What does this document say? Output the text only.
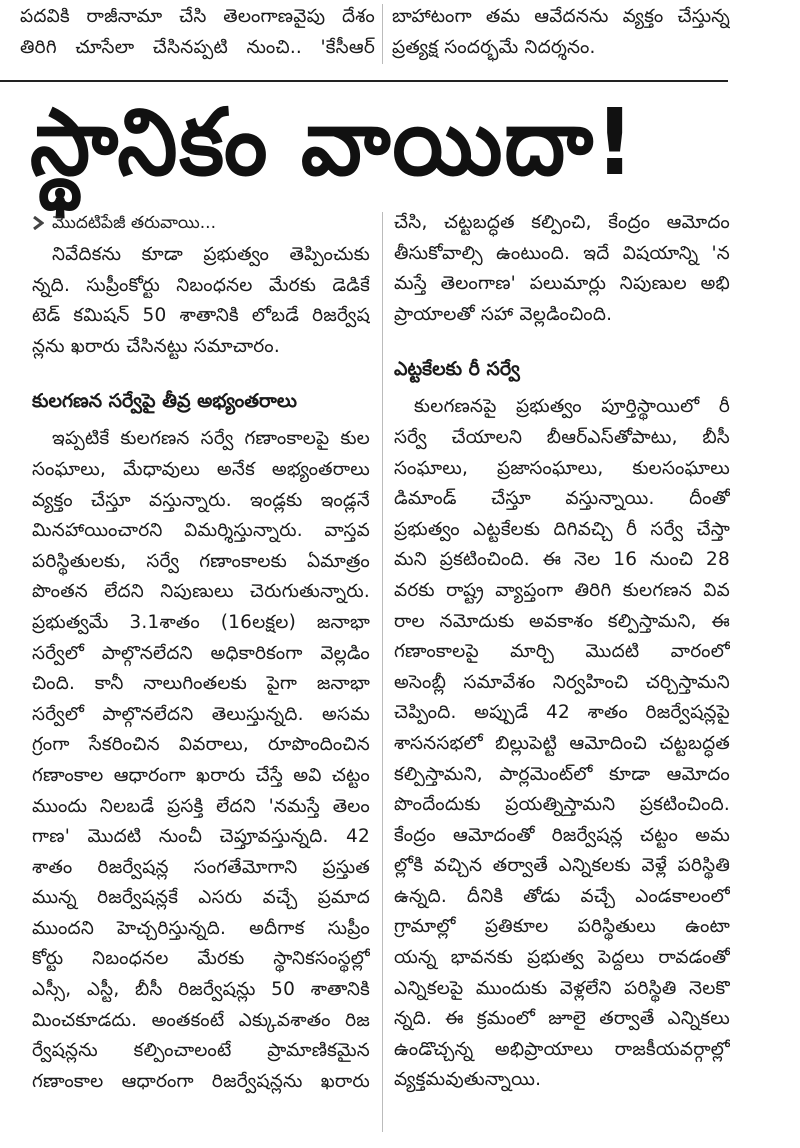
పదవికి రాజీనామా చేసి తెలంగాణవైపు దేశం
తిరిగి చూసేలా చేసినప్పటి నుంచి.. 'కేసీఆర్
బాహాటంగా తమ ఆవేదనను వ్యక్తం చేస్తున్న
ప్రత్యక్ష సందర్భమే నిదర్శనం.
స్థానికం వాయిదా!
మొదటిపేజీ తరువాయి...
నివేదికను కూడా ప్రభుత్వం తెప్పించుకు
న్నది. సుప్రీంకోర్టు నిబంధనల మేరకు డెడికే
టెడ్ కమిషన్ 50 శాతానికి లోబడే రిజర్వేష
న్లను ఖరారు చేసినట్టు సమాచారం.
కులగణన సర్వేపై తీవ్ర అభ్యంతరాలు
ఇప్పటికే కులగణన సర్వే గణాంకాలపై కుల
సంఘాలు, మేధావులు అనేక అభ్యంతరాలు
వ్యక్తం చేస్తూ వస్తున్నారు. ఇండ్లకు ఇండ్లనే
మినహాయించారని విమర్శిస్తున్నారు. వాస్తవ
పరిస్థితులకు, సర్వే గణాంకాలకు ఏమాత్రం
పొంతన లేదని నిపుణులు చెరుగుతున్నారు.
ప్రభుత్వమే 3.1శాతం (16లక్షల) జనాభా
సర్వేలో పాల్గొనలేదని అధికారికంగా వెల్లడిం
చింది. కానీ నాలుగింతలకు పైగా జనాభా
సర్వేలో పాల్గొనలేదని తెలుస్తున్నది. అసమ
గ్రంగా సేకరించిన వివరాలు, రూపొందించిన
గణాంకాల ఆధారంగా ఖరారు చేస్తే అవి చట్టం
ముందు నిలబడే ప్రసక్తి లేదని 'నమస్తే తెలం
గాణ' మొదటి నుంచీ చెప్తూవస్తున్నది. 42
శాతం రిజర్వేషన్ల సంగతేమోగాని ప్రస్తుత
మున్న రిజర్వేషన్లకే ఎసరు వచ్చే ప్రమాద
ముందని హెచ్చరిస్తున్నది. అదీగాక సుప్రీం
కోర్టు నిబంధనల మేరకు స్థానికసంస్థల్లో
ఎస్సీ, ఎస్టీ, బీసీ రిజర్వేషన్లు 50 శాతానికి
మించకూడదు. అంతకంటే ఎక్కువశాతం రిజ
ర్వేషన్లను కల్పించాలంటే ప్రామాణికమైన
గణాంకాల ఆధారంగా రిజర్వేషన్లను ఖరారు
చేసి, చట్టబద్ధత కల్పించి, కేంద్రం ఆమోదం
తీసుకోవాల్సి ఉంటుంది. ఇదే విషయాన్ని 'న
మస్తే తెలంగాణ' పలుమార్లు నిపుణుల అభి
ప్రాయాలతో సహా వెల్లడించింది.
ఎట్టకేలకు రీ సర్వే
కులగణనపై ప్రభుత్వం పూర్తిస్థాయిలో రీ
సర్వే చేయాలని బీఆర్ఎస్‌తోపాటు, బీసీ
సంఘాలు, ప్రజాసంఘాలు, కులసంఘాలు
డిమాండ్ చేస్తూ వస్తున్నాయి. దీంతో
ప్రభుత్వం ఎట్టకేలకు దిగివచ్చి రీ సర్వే చేస్తా
మని ప్రకటించింది. ఈ నెల 16 నుంచి 28
వరకు రాష్ట్ర వ్యాప్తంగా తిరిగి కులగణన వివ
రాల నమోదుకు అవకాశం కల్పిస్తామని, ఈ
గణాంకాలపై మార్చి మొదటి వారంలో
అసెంబ్లీ సమావేశం నిర్వహించి చర్చిస్తామని
చెప్పింది. అప్పుడే 42 శాతం రిజర్వేషన్లపై
శాసనసభలో బిల్లుపెట్టి ఆమోదించి చట్టబద్ధత
కల్పిస్తామని, పార్లమెంట్‌లో కూడా ఆమోదం
పొందేందుకు ప్రయత్నిస్తామని ప్రకటించింది.
కేంద్రం ఆమోదంతో రిజర్వేషన్ల చట్టం అమ
ల్లోకి వచ్చిన తర్వాతే ఎన్నికలకు వెళ్లే పరిస్థితి
ఉన్నది. దీనికి తోడు వచ్చే ఎండకాలంలో
గ్రామాల్లో ప్రతికూల పరిస్థితులు ఉంటా
యన్న భావనకు ప్రభుత్వ పెద్దలు రావడంతో
ఎన్నికలపై ముందుకు వెళ్లలేని పరిస్థితి నెలకొ
న్నది. ఈ క్రమంలో జూలై తర్వాతే ఎన్నికలు
ఉండొచ్చన్న అభిప్రాయాలు రాజకీయవర్గాల్లో
వ్యక్తమవుతున్నాయి.
